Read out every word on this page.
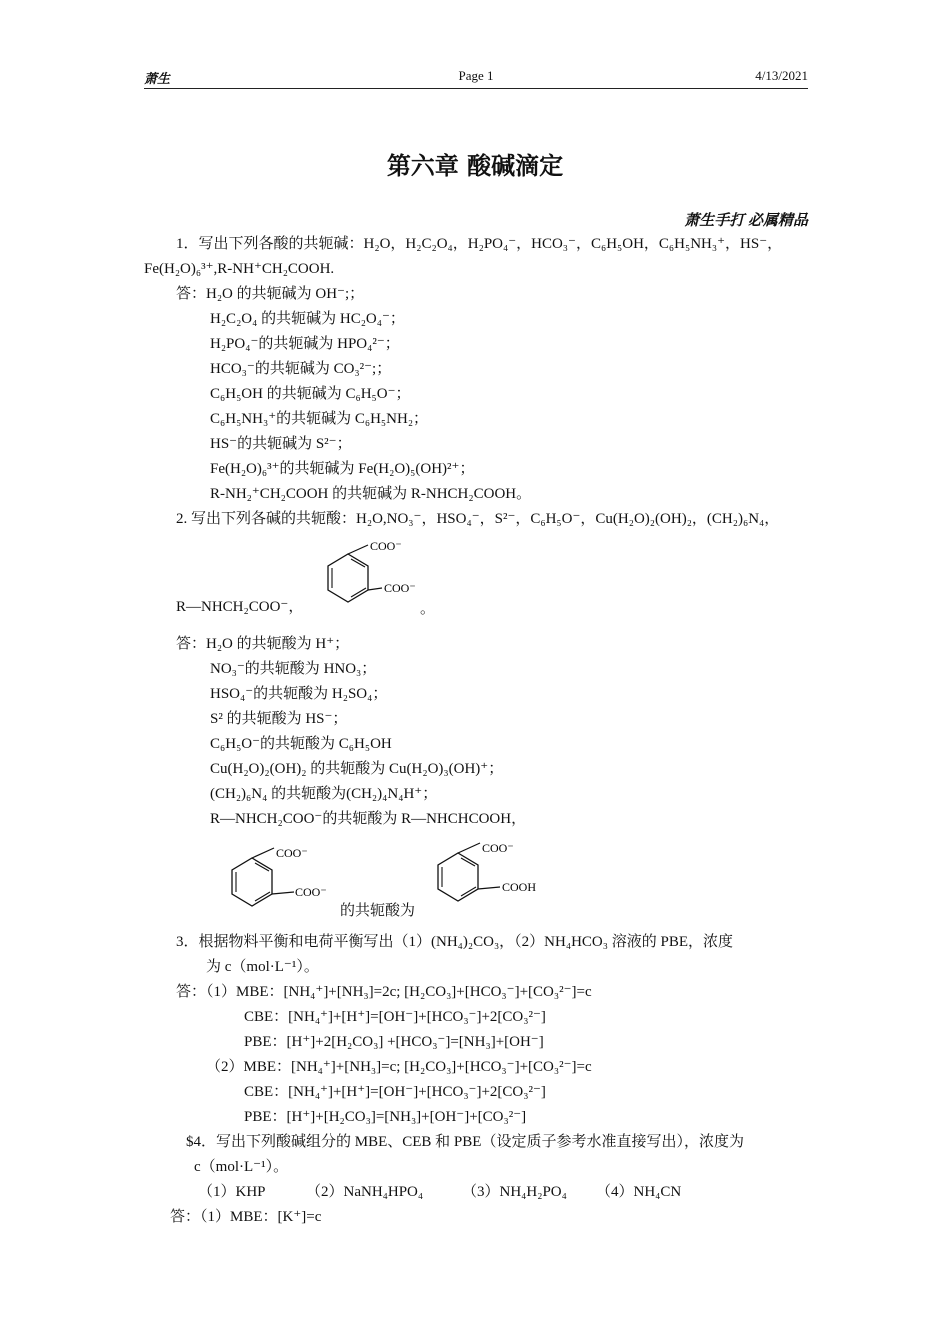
萧生	Page 1	4/13/2021
第六章 酸碱滴定
萧生手打 必属精品
1．写出下列各酸的共轭碱：H₂O，H₂C₂O₄，H₂PO₄⁻，HCO₃⁻，C₆H₅OH，C₆H₅NH₃⁺，HS⁻，
Fe(H₂O)₆³⁺,R-NH⁺CH₂COOH.
答：H₂O 的共轭碱为 OH⁻;；
H₂C₂O₄ 的共轭碱为 HC₂O₄⁻；
H₂PO₄⁻的共轭碱为 HPO₄²⁻；
HCO₃⁻的共轭碱为 CO₃²⁻;；
C₆H₅OH 的共轭碱为 C₆H₅O⁻；
C₆H₅NH₃⁺的共轭碱为 C₆H₅NH₂；
HS⁻的共轭碱为 S²⁻；
Fe(H₂O)₆³⁺的共轭碱为 Fe(H₂O)₅(OH)²⁺；
R-NH₂⁺CH₂COOH 的共轭碱为 R-NHCH₂COOH。
2. 写出下列各碱的共轭酸：H₂O,NO₃⁻，HSO₄⁻，S²⁻，C₆H₅O⁻，Cu(H₂O)₂(OH)₂，(CH₂)₆N₄，
R—NHCH₂COO⁻，
COO⁻
COO⁻
。
答：H₂O 的共轭酸为 H⁺；
NO₃⁻的共轭酸为 HNO₃；
HSO₄⁻的共轭酸为 H₂SO₄；
S² 的共轭酸为 HS⁻；
C₆H₅O⁻的共轭酸为 C₆H₅OH
Cu(H₂O)₂(OH)₂ 的共轭酸为 Cu(H₂O)₃(OH)⁺；
(CH₂)₆N₄ 的共轭酸为(CH₂)₄N₄H⁺；
R—NHCH₂COO⁻的共轭酸为 R—NHCHCOOH，
COO⁻
COO⁻
的共轭酸为
COO⁻
COOH
3．根据物料平衡和电荷平衡写出（1）(NH₄)₂CO₃，（2）NH₄HCO₃ 溶液的 PBE，浓度
为 c（mol·L⁻¹）。
答：（1）MBE：[NH₄⁺]+[NH₃]=2c; [H₂CO₃]+[HCO₃⁻]+[CO₃²⁻]=c
CBE：[NH₄⁺]+[H⁺]=[OH⁻]+[HCO₃⁻]+2[CO₃²⁻]
PBE：[H⁺]+2[H₂CO₃] +[HCO₃⁻]=[NH₃]+[OH⁻]
（2）MBE：[NH₄⁺]+[NH₃]=c; [H₂CO₃]+[HCO₃⁻]+[CO₃²⁻]=c
CBE：[NH₄⁺]+[H⁺]=[OH⁻]+[HCO₃⁻]+2[CO₃²⁻]
PBE：[H⁺]+[H₂CO₃]=[NH₃]+[OH⁻]+[CO₃²⁻]
$4．写出下列酸碱组分的 MBE、CEB 和 PBE（设定质子参考水准直接写出），浓度为
c（mol·L⁻¹）。
（1）KHP	（2）NaNH₄HPO₄	（3）NH₄H₂PO₄ （4）NH₄CN
答：（1）MBE：[K⁺]=c
